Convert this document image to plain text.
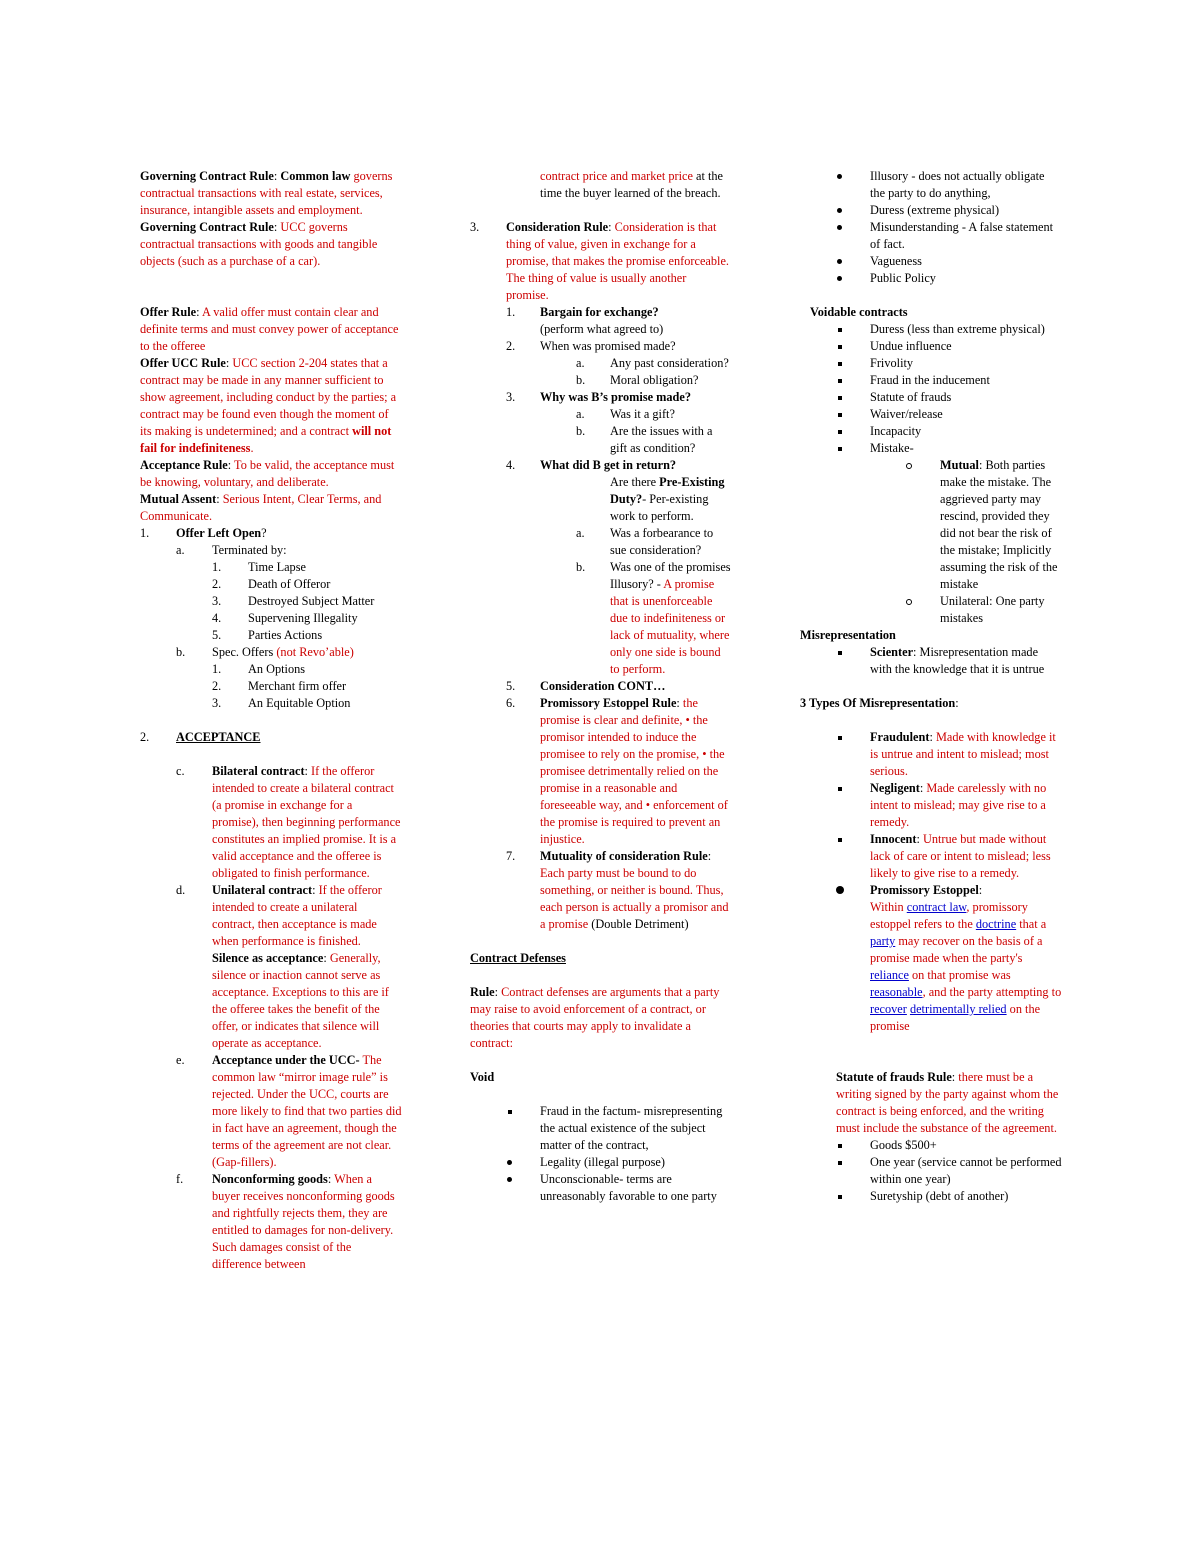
Governing Contract Rule: Common law governs contractual transactions with real estate, services, insurance, intangible assets and employment. Governing Contract Rule: UCC governs contractual transactions with goods and tangible objects (such as a purchase of a car).

Offer Rule: A valid offer must contain clear and definite terms and must convey power of acceptance to the offeree

Offer UCC Rule: UCC section 2-204 states that a contract may be made in any manner sufficient to show agreement, including conduct by the parties; a contract may be found even though the moment of its making is undetermined; and a contract will not fail for indefiniteness.

Acceptance Rule: To be valid, the acceptance must be knowing, voluntary, and deliberate.

Mutual Assent: Serious Intent, Clear Terms, and Communicate.

1. Offer Left Open?
a. Terminated by:
1. Time Lapse
2. Death of Offeror
3. Destroyed Subject Matter
4. Supervening Illegality
5. Parties Actions
b. Spec. Offers (not Revo’able)
1. An Options
2. Merchant firm offer
3. An Equitable Option
2. ACCEPTANCE
c. Bilateral contract: If the offeror intended to create a bilateral contract (a promise in exchange for a promise), then beginning performance constitutes an implied promise. It is a valid acceptance and the offeree is obligated to finish performance.
d. Unilateral contract: If the offeror intended to create a unilateral contract, then acceptance is made when performance is finished.
Silence as acceptance: Generally, silence or inaction cannot serve as acceptance. Exceptions to this are if the offeree takes the benefit of the offer, or indicates that silence will operate as acceptance.
e. Acceptance under the UCC- The common law “mirror image rule” is rejected. Under the UCC, courts are more likely to find that two parties did in fact have an agreement, though the terms of the agreement are not clear. (Gap-fillers).
f. Nonconforming goods: When a buyer receives nonconforming goods and rightfully rejects them, they are entitled to damages for non-delivery. Such damages consist of the difference between
contract price and market price at the time the buyer learned of the breach.
3. Consideration Rule: Consideration is that thing of value, given in exchange for a promise, that makes the promise enforceable. The thing of value is usually another promise.
1. Bargain for exchange?
(perform what agreed to)
2. When was promised made?
a. Any past consideration?
b. Moral obligation?
3. Why was B’s promise made?
a. Was it a gift?
b. Are the issues with a gift as condition?
4. What did B get in return?
Are there Pre-Existing Duty?- Per-existing work to perform.
a. Was a forbearance to sue consideration?
b. Was one of the promises Illusory? - A promise that is unenforceable due to indefiniteness or lack of mutuality, where only one side is bound to perform.
5. Consideration CONT…
6. Promissory Estoppel Rule: the promise is clear and definite, • the promisor intended to induce the promisee to rely on the promise, • the promisee detrimentally relied on the promise in a reasonable and foreseeable way, and • enforcement of the promise is required to prevent an injustice.
7. Mutuality of consideration Rule: Each party must be bound to do something, or neither is bound. Thus, each person is actually a promisor and a promise (Double Detriment)

Contract Defenses

Rule: Contract defenses are arguments that a party may raise to avoid enforcement of a contract, or theories that courts may apply to invalidate a contract:

Void

Fraud in the factum- misrepresenting the actual existence of the subject matter of the contract,
Legality (illegal purpose)
Unconscionable- terms are unreasonably favorable to one party
Illusory - does not actually obligate the party to do anything,
Duress (extreme physical)
Misunderstanding - A false statement of fact.
Vagueness
Public Policy

Voidable contracts

Duress (less than extreme physical)
Undue influence
Frivolity
Fraud in the inducement
Statute of frauds
Waiver/release
Incapacity
Mistake-
Mutual: Both parties make the mistake. The aggrieved party may rescind, provided they did not bear the risk of the mistake; Implicitly assuming the risk of the mistake
Unilateral: One party mistakes

Misrepresentation

Scienter: Misrepresentation made with the knowledge that it is untrue

3 Types Of Misrepresentation:

Fraudulent: Made with knowledge it is untrue and intent to mislead; most serious.
Negligent: Made carelessly with no intent to mislead; may give rise to a remedy.
Innocent: Untrue but made without lack of care or intent to mislead; less likely to give rise to a remedy.
Promissory Estoppel:
Within contract law, promissory estoppel refers to the doctrine that a party may recover on the basis of a promise made when the party's reliance on that promise was reasonable, and the party attempting to recover detrimentally relied on the promise

Statute of frauds Rule: there must be a writing signed by the party against whom the contract is being enforced, and the writing must include the substance of the agreement.

Goods $500+
One year (service cannot be performed within one year)
Suretyship (debt of another)
